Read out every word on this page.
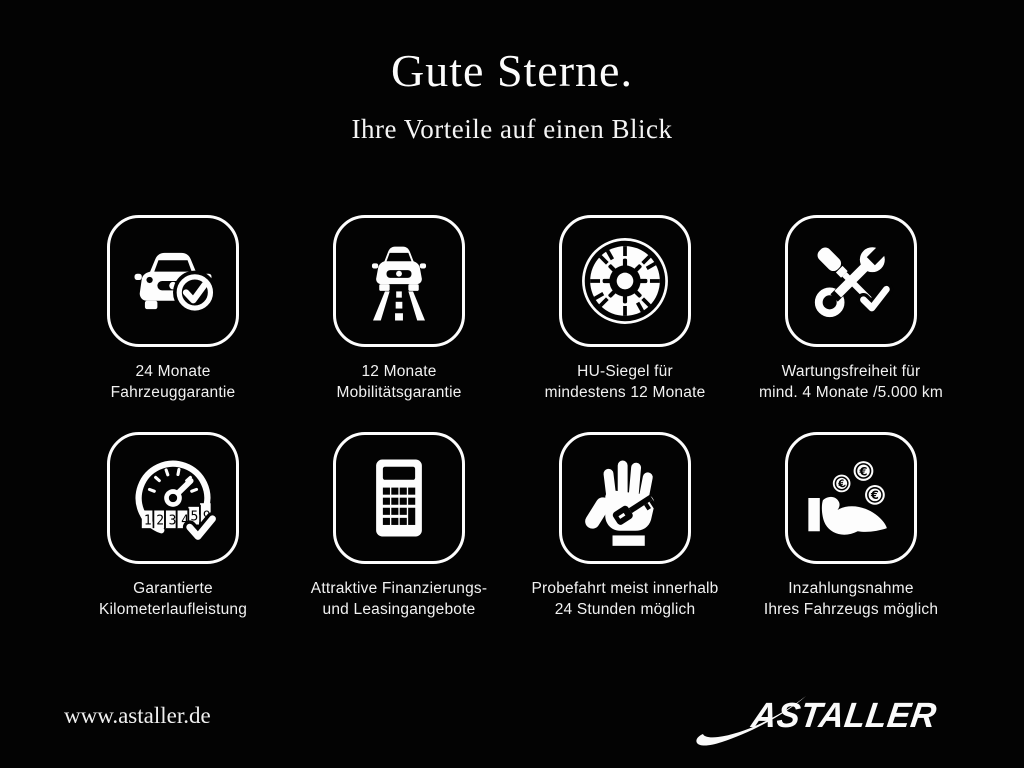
Gute Sterne.
Ihre Vorteile auf einen Blick
24 Monate
Fahrzeuggarantie
12 Monate
Mobilitätsgarantie
HU-Siegel für
mindestens 12 Monate
Wartungsfreiheit für
mind. 4 Monate /5.000 km
1234
59
Garantierte
Kilometerlaufleistung
Attraktive Finanzierungs-
und Leasingangebote
Probefahrt meist innerhalb
24 Stunden möglich
€
€
€
Inzahlungsnahme
Ihres Fahrzeugs möglich
www.astaller.de	ASTALLER
